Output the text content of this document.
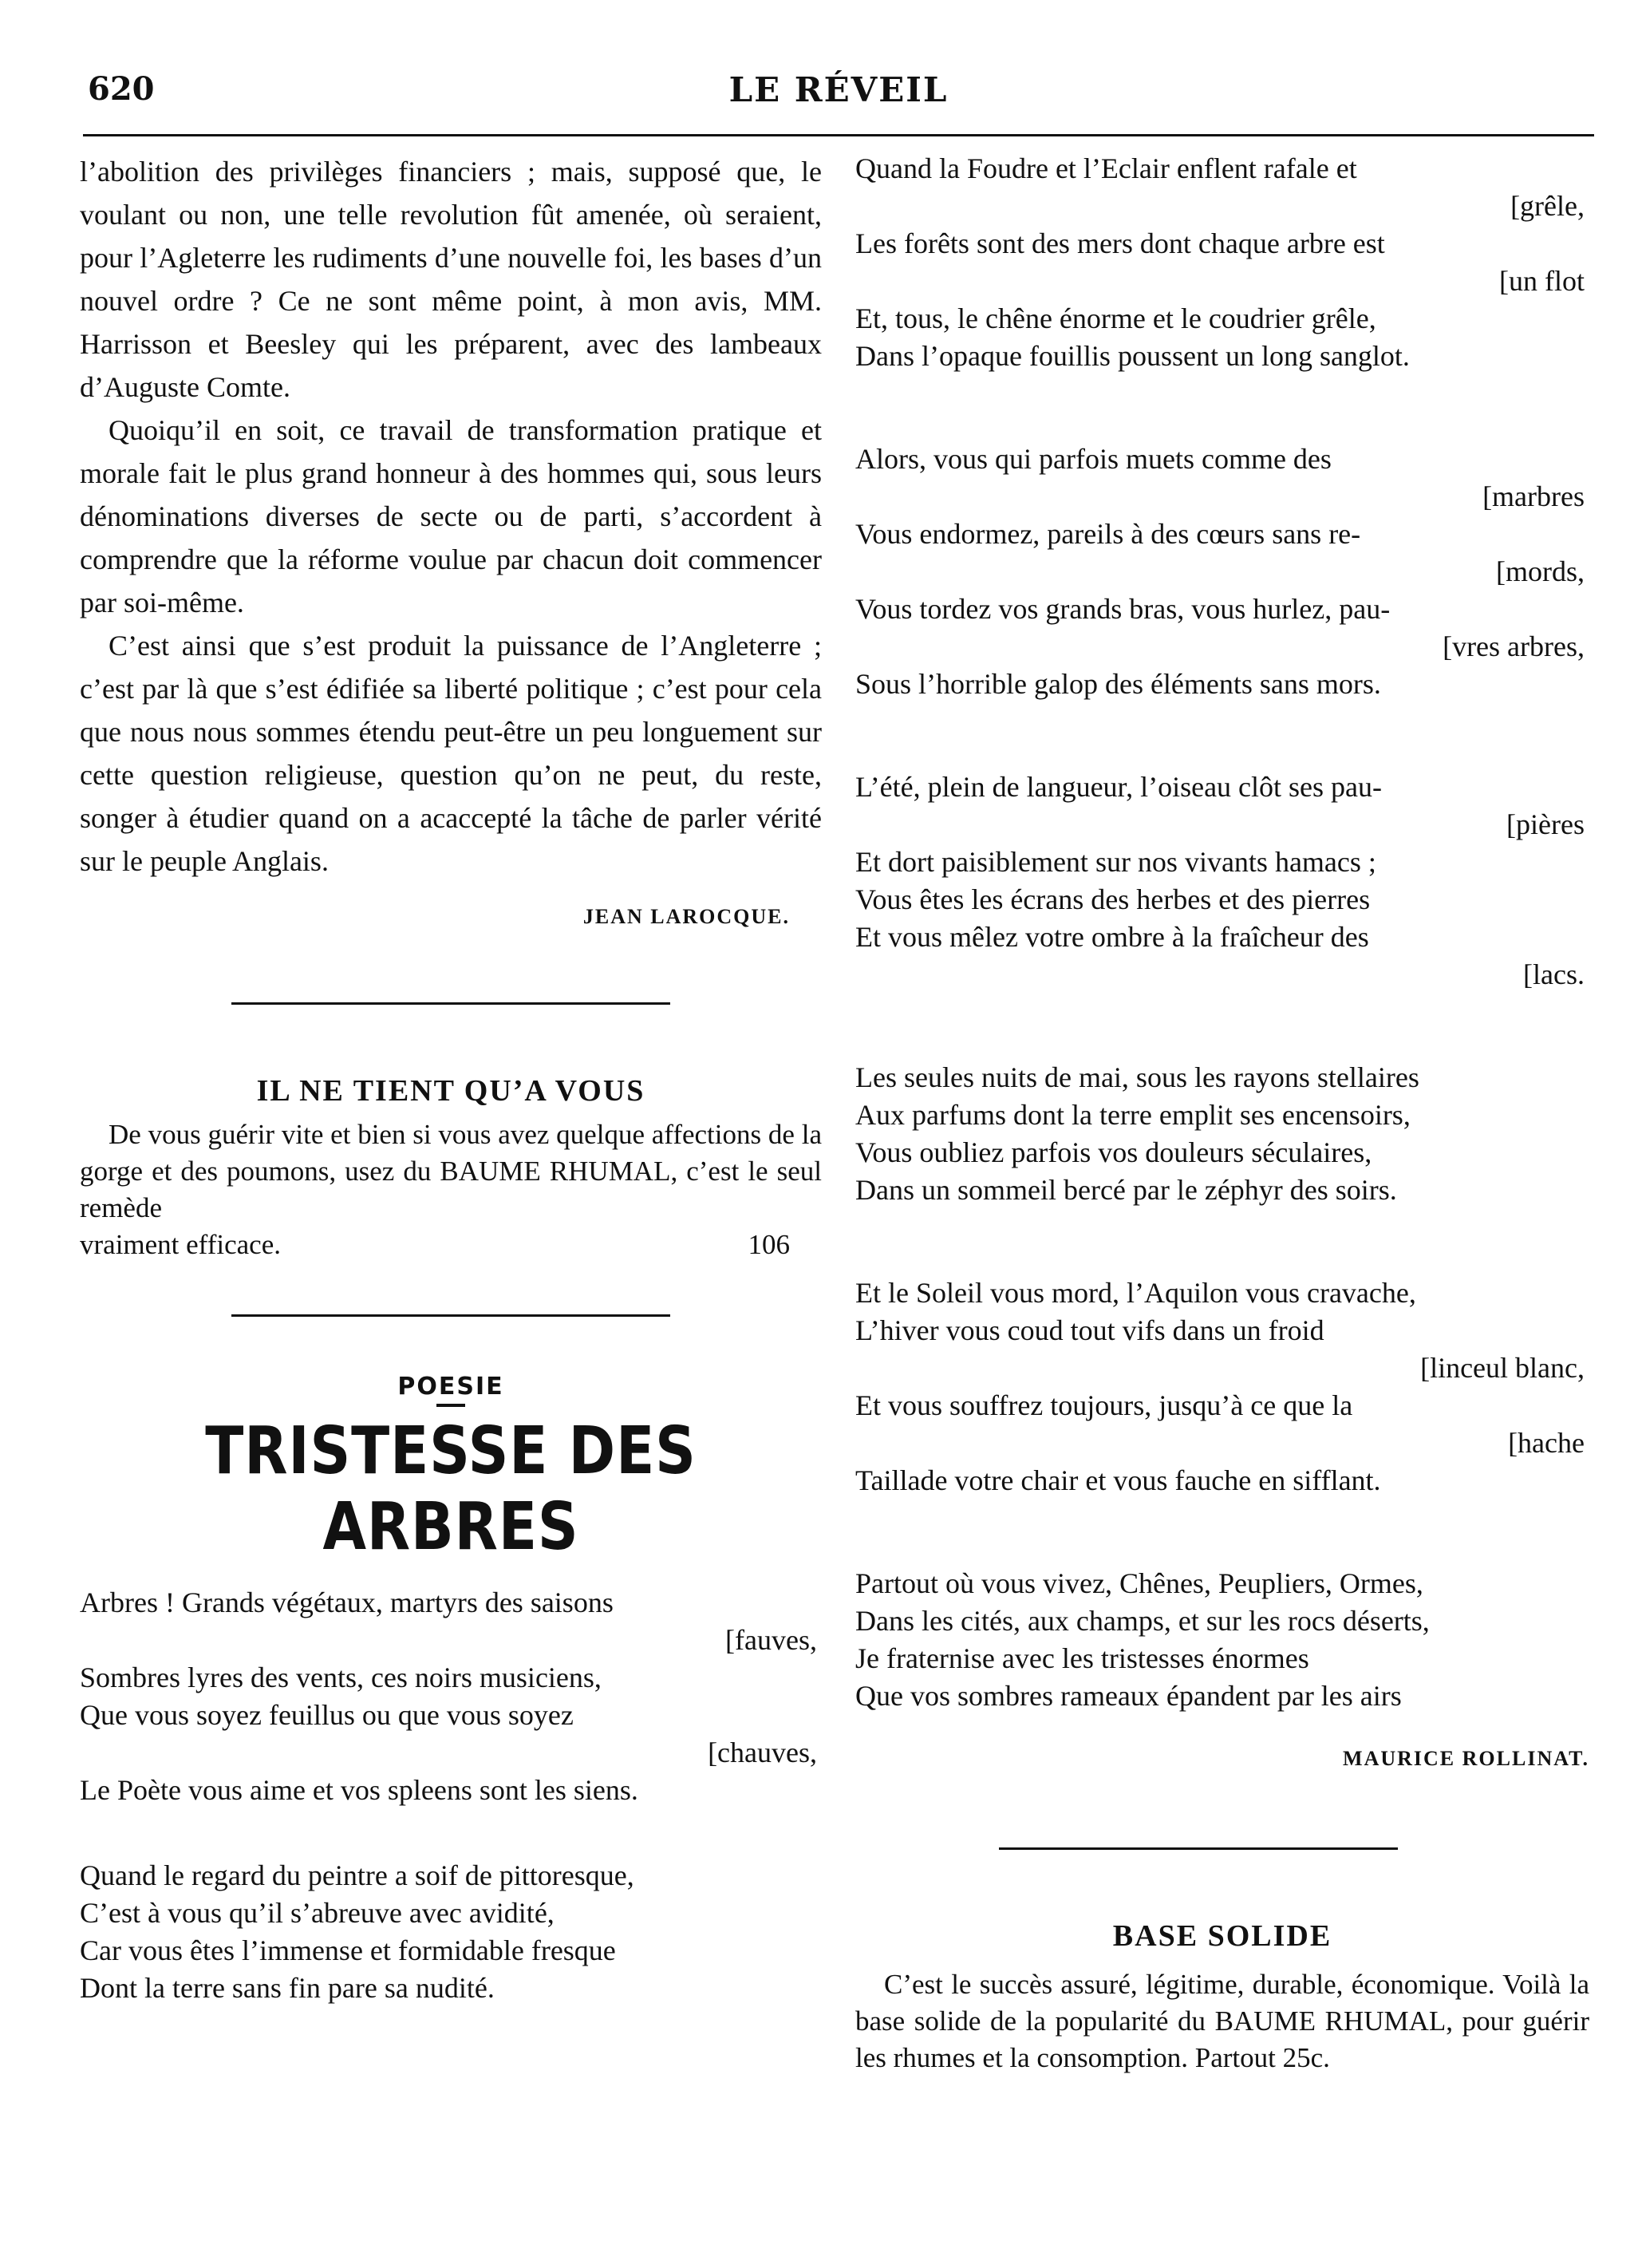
620	LE RÉVEIL

l’abolition des privilèges financiers ; mais, supposé que, le voulant ou non, une telle revolution fût amenée, où seraient, pour l’Agleterre les rudiments d’une nouvelle foi, les bases d’un nouvel ordre ? Ce ne sont même point, à mon avis, MM. Harrisson et Beesley qui les préparent, avec des lambeaux d’Auguste Comte.

Quoiqu’il en soit, ce travail de transformation pratique et morale fait le plus grand honneur à des hommes qui, sous leurs dénominations diverses de secte ou de parti, s’accordent à comprendre que la réforme voulue par chacun doit commencer par soi-même.

C’est ainsi que s’est produit la puissance de l’Angleterre ; c’est par là que s’est édifiée sa liberté politique ; c’est pour cela que nous nous sommes étendu peut-être un peu longuement sur cette question religieuse, question qu’on ne peut, du reste, songer à étudier quand on a acaccepté la tâche de parler vérité sur le peuple Anglais.

JEAN LAROCQUE.
IL NE TIENT QU’A VOUS

De vous guérir vite et bien si vous avez quelque affections de la gorge et des poumons, usez du BAUME RHUMAL, c’est le seul remède

vraiment efficace.	106
POESIE
TRISTESSE DES ARBRES
Arbres ! Grands végétaux, martyrs des saisons
[fauves,
Sombres lyres des vents, ces noirs musiciens,
Que vous soyez feuillus ou que vous soyez
[chauves,
Le Poète vous aime et vos spleens sont les siens.
Quand le regard du peintre a soif de pittoresque,
C’est à vous qu’il s’abreuve avec avidité,
Car vous êtes l’immense et formidable fresque
Dont la terre sans fin pare sa nudité.
Quand la Foudre et l’Eclair enflent rafale et
[grêle,
Les forêts sont des mers dont chaque arbre est
[un flot
Et, tous, le chêne énorme et le coudrier grêle,
Dans l’opaque fouillis poussent un long sanglot.
Alors, vous qui parfois muets comme des
[marbres
Vous endormez, pareils à des cœurs sans re-
[mords,
Vous tordez vos grands bras, vous hurlez, pau-
[vres arbres,
Sous l’horrible galop des éléments sans mors.
L’été, plein de langueur, l’oiseau clôt ses pau-
[pières
Et dort paisiblement sur nos vivants hamacs ;
Vous êtes les écrans des herbes et des pierres
Et vous mêlez votre ombre à la fraîcheur des
[lacs.
Les seules nuits de mai, sous les rayons stellaires
Aux parfums dont la terre emplit ses encensoirs,
Vous oubliez parfois vos douleurs séculaires,
Dans un sommeil bercé par le zéphyr des soirs.
Et le Soleil vous mord, l’Aquilon vous cravache,
L’hiver vous coud tout vifs dans un froid
[linceul blanc,
Et vous souffrez toujours, jusqu’à ce que la
[hache
Taillade votre chair et vous fauche en sifflant.
Partout où vous vivez, Chênes, Peupliers, Ormes,
Dans les cités, aux champs, et sur les rocs déserts,
Je fraternise avec les tristesses énormes
Que vos sombres rameaux épandent par les airs
MAURICE ROLLINAT.
BASE SOLIDE

C’est le succès assuré, légitime, durable, économique. Voilà la base solide de la popularité du BAUME RHUMAL, pour guérir les rhumes et la consomption. Partout 25c.
